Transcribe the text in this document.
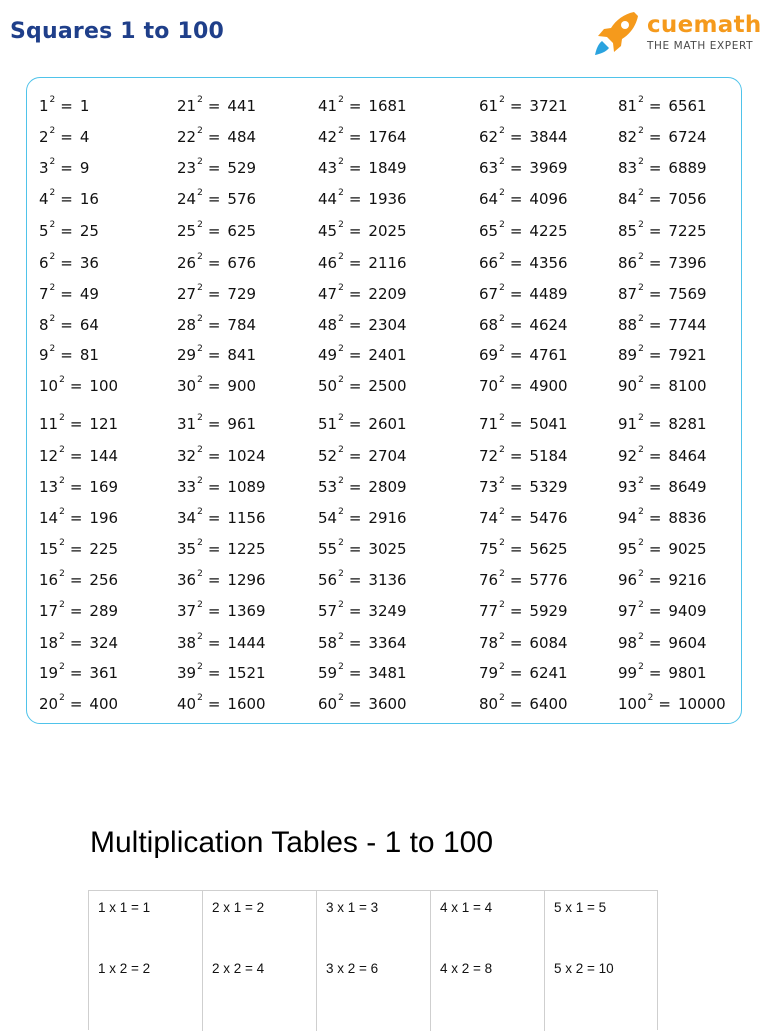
Squares 1 to 100	cuemath
THE MATH EXPERT
$1^2 = 1$
$2^2 = 4$
$3^2 = 9$
$4^2 = 16$
$5^2 = 25$
$6^2 = 36$
$7^2 = 49$
$8^2 = 64$
$9^2 = 81$
$10^2 = 100$
$11^2 = 121$
$12^2 = 144$
$13^2 = 169$
$14^2 = 196$
$15^2 = 225$
$16^2 = 256$
$17^2 = 289$
$18^2 = 324$
$19^2 = 361$
$20^2 = 400$
$21^2 = 441$
$22^2 = 484$
$23^2 = 529$
$24^2 = 576$
$25^2 = 625$
$26^2 = 676$
$27^2 = 729$
$28^2 = 784$
$29^2 = 841$
$30^2 = 900$
$31^2 = 961$
$32^2 = 1024$
$33^2 = 1089$
$34^2 = 1156$
$35^2 = 1225$
$36^2 = 1296$
$37^2 = 1369$
$38^2 = 1444$
$39^2 = 1521$
$40^2 = 1600$
$41^2 = 1681$
$42^2 = 1764$
$43^2 = 1849$
$44^2 = 1936$
$45^2 = 2025$
$46^2 = 2116$
$47^2 = 2209$
$48^2 = 2304$
$49^2 = 2401$
$50^2 = 2500$
$51^2 = 2601$
$52^2 = 2704$
$53^2 = 2809$
$54^2 = 2916$
$55^2 = 3025$
$56^2 = 3136$
$57^2 = 3249$
$58^2 = 3364$
$59^2 = 3481$
$60^2 = 3600$
$61^2 = 3721$
$62^2 = 3844$
$63^2 = 3969$
$64^2 = 4096$
$65^2 = 4225$
$66^2 = 4356$
$67^2 = 4489$
$68^2 = 4624$
$69^2 = 4761$
$70^2 = 4900$
$71^2 = 5041$
$72^2 = 5184$
$73^2 = 5329$
$74^2 = 5476$
$75^2 = 5625$
$76^2 = 5776$
$77^2 = 5929$
$78^2 = 6084$
$79^2 = 6241$
$80^2 = 6400$
$81^2 = 6561$
$82^2 = 6724$
$83^2 = 6889$
$84^2 = 7056$
$85^2 = 7225$
$86^2 = 7396$
$87^2 = 7569$
$88^2 = 7744$
$89^2 = 7921$
$90^2 = 8100$
$91^2 = 8281$
$92^2 = 8464$
$93^2 = 8649$
$94^2 = 8836$
$95^2 = 9025$
$96^2 = 9216$
$97^2 = 9409$
$98^2 = 9604$
$99^2 = 9801$
$100^2 = 10000$
Multiplication Tables - 1 to 100
1 x 1 = 1
1 x 2 = 2
2 x 1 = 2
2 x 2 = 4
3 x 1 = 3
3 x 2 = 6
4 x 1 = 4
4 x 2 = 8
5 x 1 = 5
5 x 2 = 10
